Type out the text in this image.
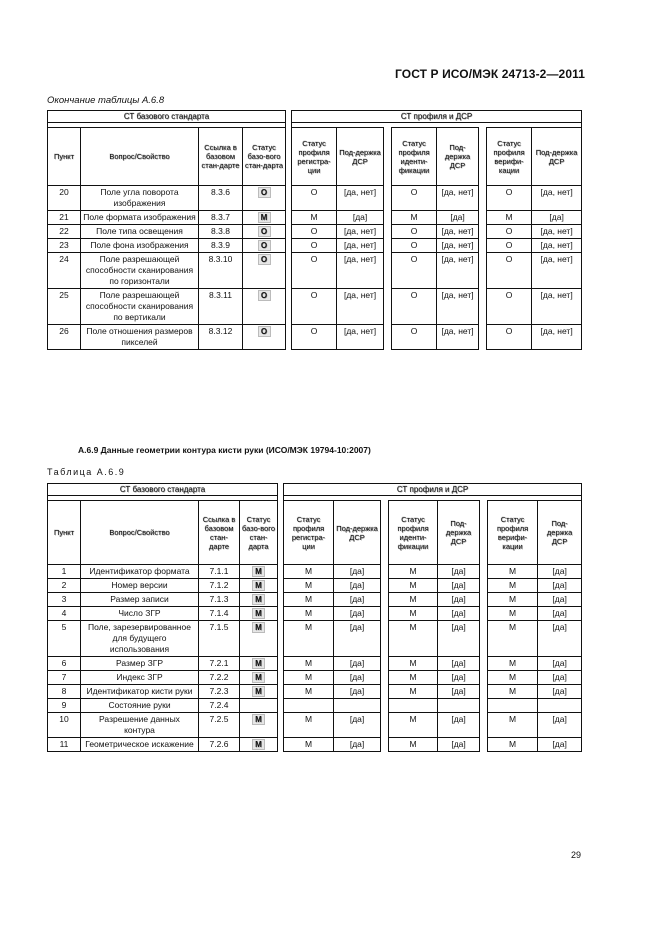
ГОСТ Р ИСО/МЭК 24713-2—2011
Окончание таблицы А.6.8
СТ базового стандарта					СТ профиля и ДСР							

Пункт	Вопрос/Свойство	Ссылка в базовом стан-дарте	Статус базо-вого стан-дарта		Статус профиля регистра-ции	Под-держка ДСР		Статус профиля иденти-фикации	Под-держка ДСР		Статус профиля верифи-кации	Под-держка ДСР
20	Поле угла поворота изображения	8.3.6	O		O	[да, нет]		O	[да, нет]		O	[да, нет]
21	Поле формата изображения	8.3.7	M		M	[да]		M	[да]		M	[да]
22	Поле типа освещения	8.3.8	O		O	[да, нет]		O	[да, нет]		O	[да, нет]
23	Поле фона изображения	8.3.9	O		O	[да, нет]		O	[да, нет]		O	[да, нет]
24	Поле разрешающей способности сканирования по горизонтали	8.3.10	O		O	[да, нет]		O	[да, нет]		O	[да, нет]
25	Поле разрешающей способности сканирования по вертикали	8.3.11	O		O	[да, нет]		O	[да, нет]		O	[да, нет]
26	Поле отношения размеров пикселей	8.3.12	O		O	[да, нет]		O	[да, нет]		O	[да, нет]
А.6.9 Данные геометрии контура кисти руки (ИСО/МЭК 19794-10:2007)
Таблица А.6.9
СТ базового стандарта					СТ профиля и ДСР							

Пункт	Вопрос/Свойство	Ссылка в базовом стан-дарте	Статус базо-вого стан-дарта		Статус профиля регистра-ции	Под-держка ДСР		Статус профиля иденти-фикации	Под-держка ДСР		Статус профиля верифи-кации	Под-держка ДСР
1	Идентификатор формата	7.1.1	M		M	[да]		M	[да]		M	[да]
2	Номер версии	7.1.2	M		M	[да]		M	[да]		M	[да]
3	Размер записи	7.1.3	M		M	[да]		M	[да]		M	[да]
4	Число ЗГР	7.1.4	M		M	[да]		M	[да]		M	[да]
5	Поле, зарезервированное для будущего использования	7.1.5	M		M	[да]		M	[да]		M	[да]
6	Размер ЗГР	7.2.1	M		M	[да]		M	[да]		M	[да]
7	Индекс ЗГР	7.2.2	M		M	[да]		M	[да]		M	[да]
8	Идентификатор кисти руки	7.2.3	M		M	[да]		M	[да]		M	[да]
9	Состояние руки	7.2.4										
10	Разрешение данных контура	7.2.5	M		M	[да]		M	[да]		M	[да]
11	Геометрическое искажение	7.2.6	M		M	[да]		M	[да]		M	[да]
29
